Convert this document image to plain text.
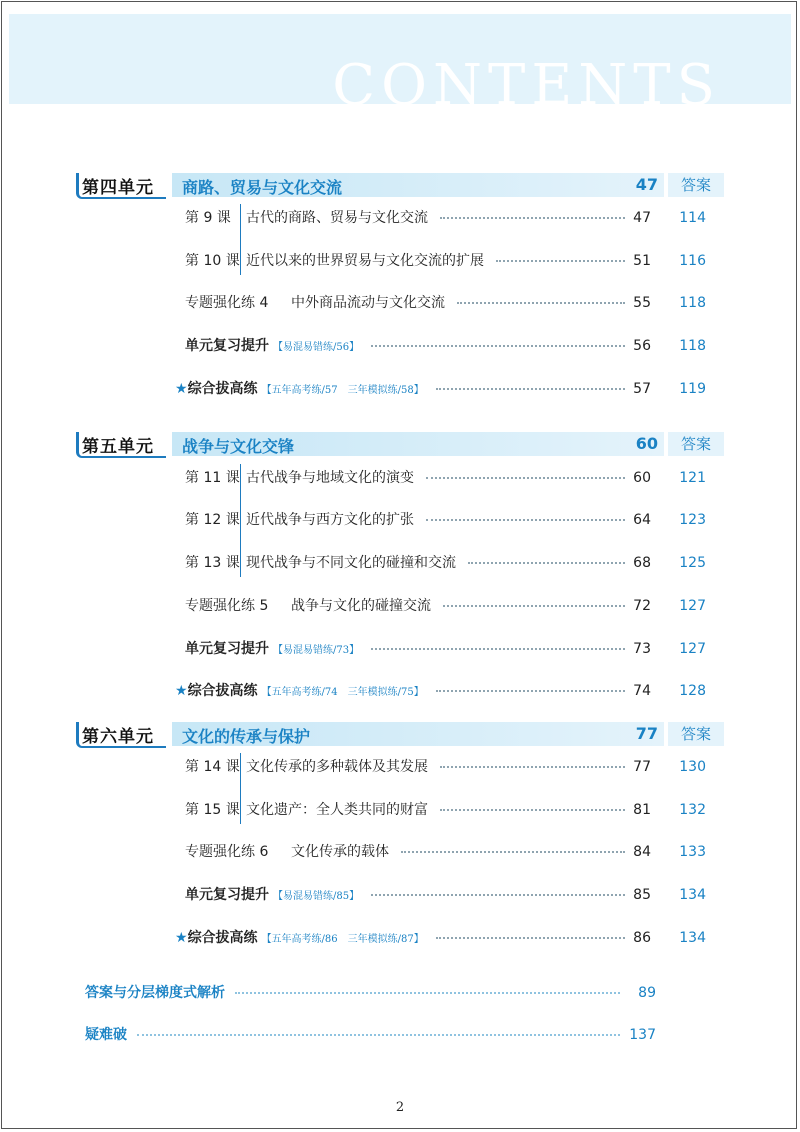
CONTENTS
第四单元 商路、贸易与文化交流	47	答案
第 9 课 古代的商路、贸易与文化交流	47 114
第 10 课 近代以来的世界贸易与文化交流的扩展	51 116
专题强化练 4 中外商品流动与文化交流	55 118
单元复习提升 【易混易错练/56】	56 118
★综合拔高练 【五年高考练/57　三年模拟练/58】	57 119
第五单元 战争与文化交锋	60	答案
第 11 课 古代战争与地域文化的演变	60 121
第 12 课 近代战争与西方文化的扩张	64 123
第 13 课 现代战争与不同文化的碰撞和交流	68 125
专题强化练 5 战争与文化的碰撞交流	72 127
单元复习提升 【易混易错练/73】	73 127
★综合拔高练 【五年高考练/74　三年模拟练/75】	74 128
第六单元 文化的传承与保护	77	答案
第 14 课 文化传承的多种载体及其发展	77 130
第 15 课 文化遗产：全人类共同的财富	81 132
专题强化练 6 文化传承的载体	84 133
单元复习提升 【易混易错练/85】	85 134
★综合拔高练 【五年高考练/86　三年模拟练/87】	86 134
答案与分层梯度式解析	89
疑难破	137
2
